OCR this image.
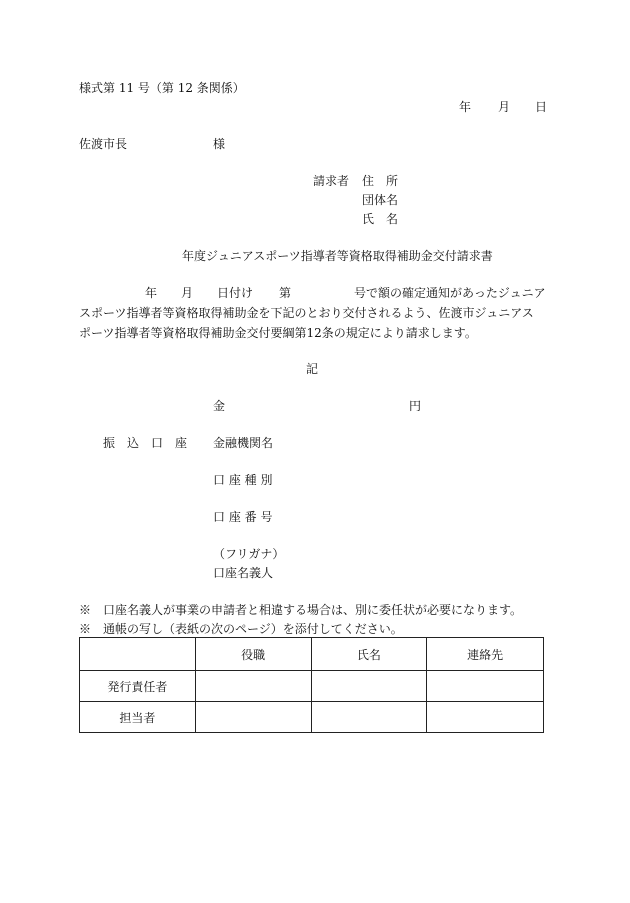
様式第 11 号（第 12 条関係）
年 月 日
佐渡市長	様
請求者 住　所
団体名
氏　名
年度ジュニアスポーツ指導者等資格取得補助金交付請求書
年 月 日付け 第	号で額の確定通知があったジュニア
スポーツ指導者等資格取得補助金を下記のとおり交付されるよう、佐渡市ジュニアス
ポーツ指導者等資格取得補助金交付要綱第12条の規定により請求します。
記
金	円
振　込　口　座 金融機関名
口 座 種 別
口 座 番 号
（フリガナ）
口座名義人
※　口座名義人が事業の申請者と相違する場合は、別に委任状が必要になります。
※　通帳の写し（表紙の次のページ）を添付してください。
	役職	氏名	連絡先
発行責任者			
担当者			
